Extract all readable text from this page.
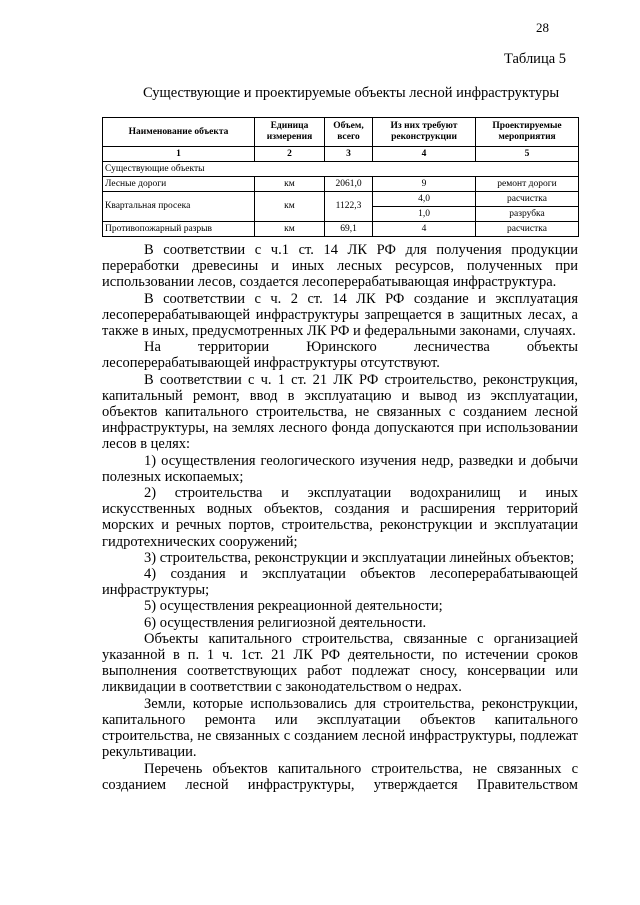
28
Таблица 5
Существующие и проектируемые объекты лесной инфраструктуры
Наименование объекта	Единица измерения	Объем, всего	Из них требуют реконструкции	Проектируемые мероприятия
1	2	3	4	5
Существующие объекты				
Лесные дороги	км	2061,0	9	ремонт дороги
Квартальная просека	км	1122,3	4,0	расчистка
			1,0	разрубка
Противопожарный разрыв	км	69,1	4	расчистка

В соответствии с ч.1 ст. 14 ЛК РФ для получения продукции переработки древесины и иных лесных ресурсов, полученных при использовании лесов, создается лесоперерабатывающая инфраструктура.

В соответствии с ч. 2 ст. 14 ЛК РФ создание и эксплуатация лесоперерабатывающей инфраструктуры запрещается в защитных лесах, а также в иных, предусмотренных ЛК РФ и федеральными законами, случаях.

На территории Юринского лесничества объекты лесоперерабатывающей инфраструктуры отсутствуют.

В соответствии с ч. 1 ст. 21 ЛК РФ строительство, реконструкция, капитальный ремонт, ввод в эксплуатацию и вывод из эксплуатации, объектов капитального строительства, не связанных с созданием лесной инфраструктуры, на землях лесного фонда допускаются при использовании лесов в целях:

1) осуществления геологического изучения недр, разведки и добычи полезных ископаемых;

2) строительства и эксплуатации водохранилищ и иных искусственных водных объектов, создания и расширения территорий морских и речных портов, строительства, реконструкции и эксплуатации гидротехнических сооружений;

3) строительства, реконструкции и эксплуатации линейных объектов;

4) создания и эксплуатации объектов лесоперерабатывающей инфраструктуры;

5) осуществления рекреационной деятельности;

6) осуществления религиозной деятельности.

Объекты капитального строительства, связанные с организацией указанной в п. 1 ч. 1ст. 21 ЛК РФ деятельности, по истечении сроков выполнения соответствующих работ подлежат сносу, консервации или ликвидации в соответствии с законодательством о недрах.

Земли, которые использовались для строительства, реконструкции, капитального ремонта или эксплуатации объектов капитального строительства, не связанных с созданием лесной инфраструктуры, подлежат рекультивации.

Перечень объектов капитального строительства, не связанных с созданием лесной инфраструктуры, утверждается Правительством
